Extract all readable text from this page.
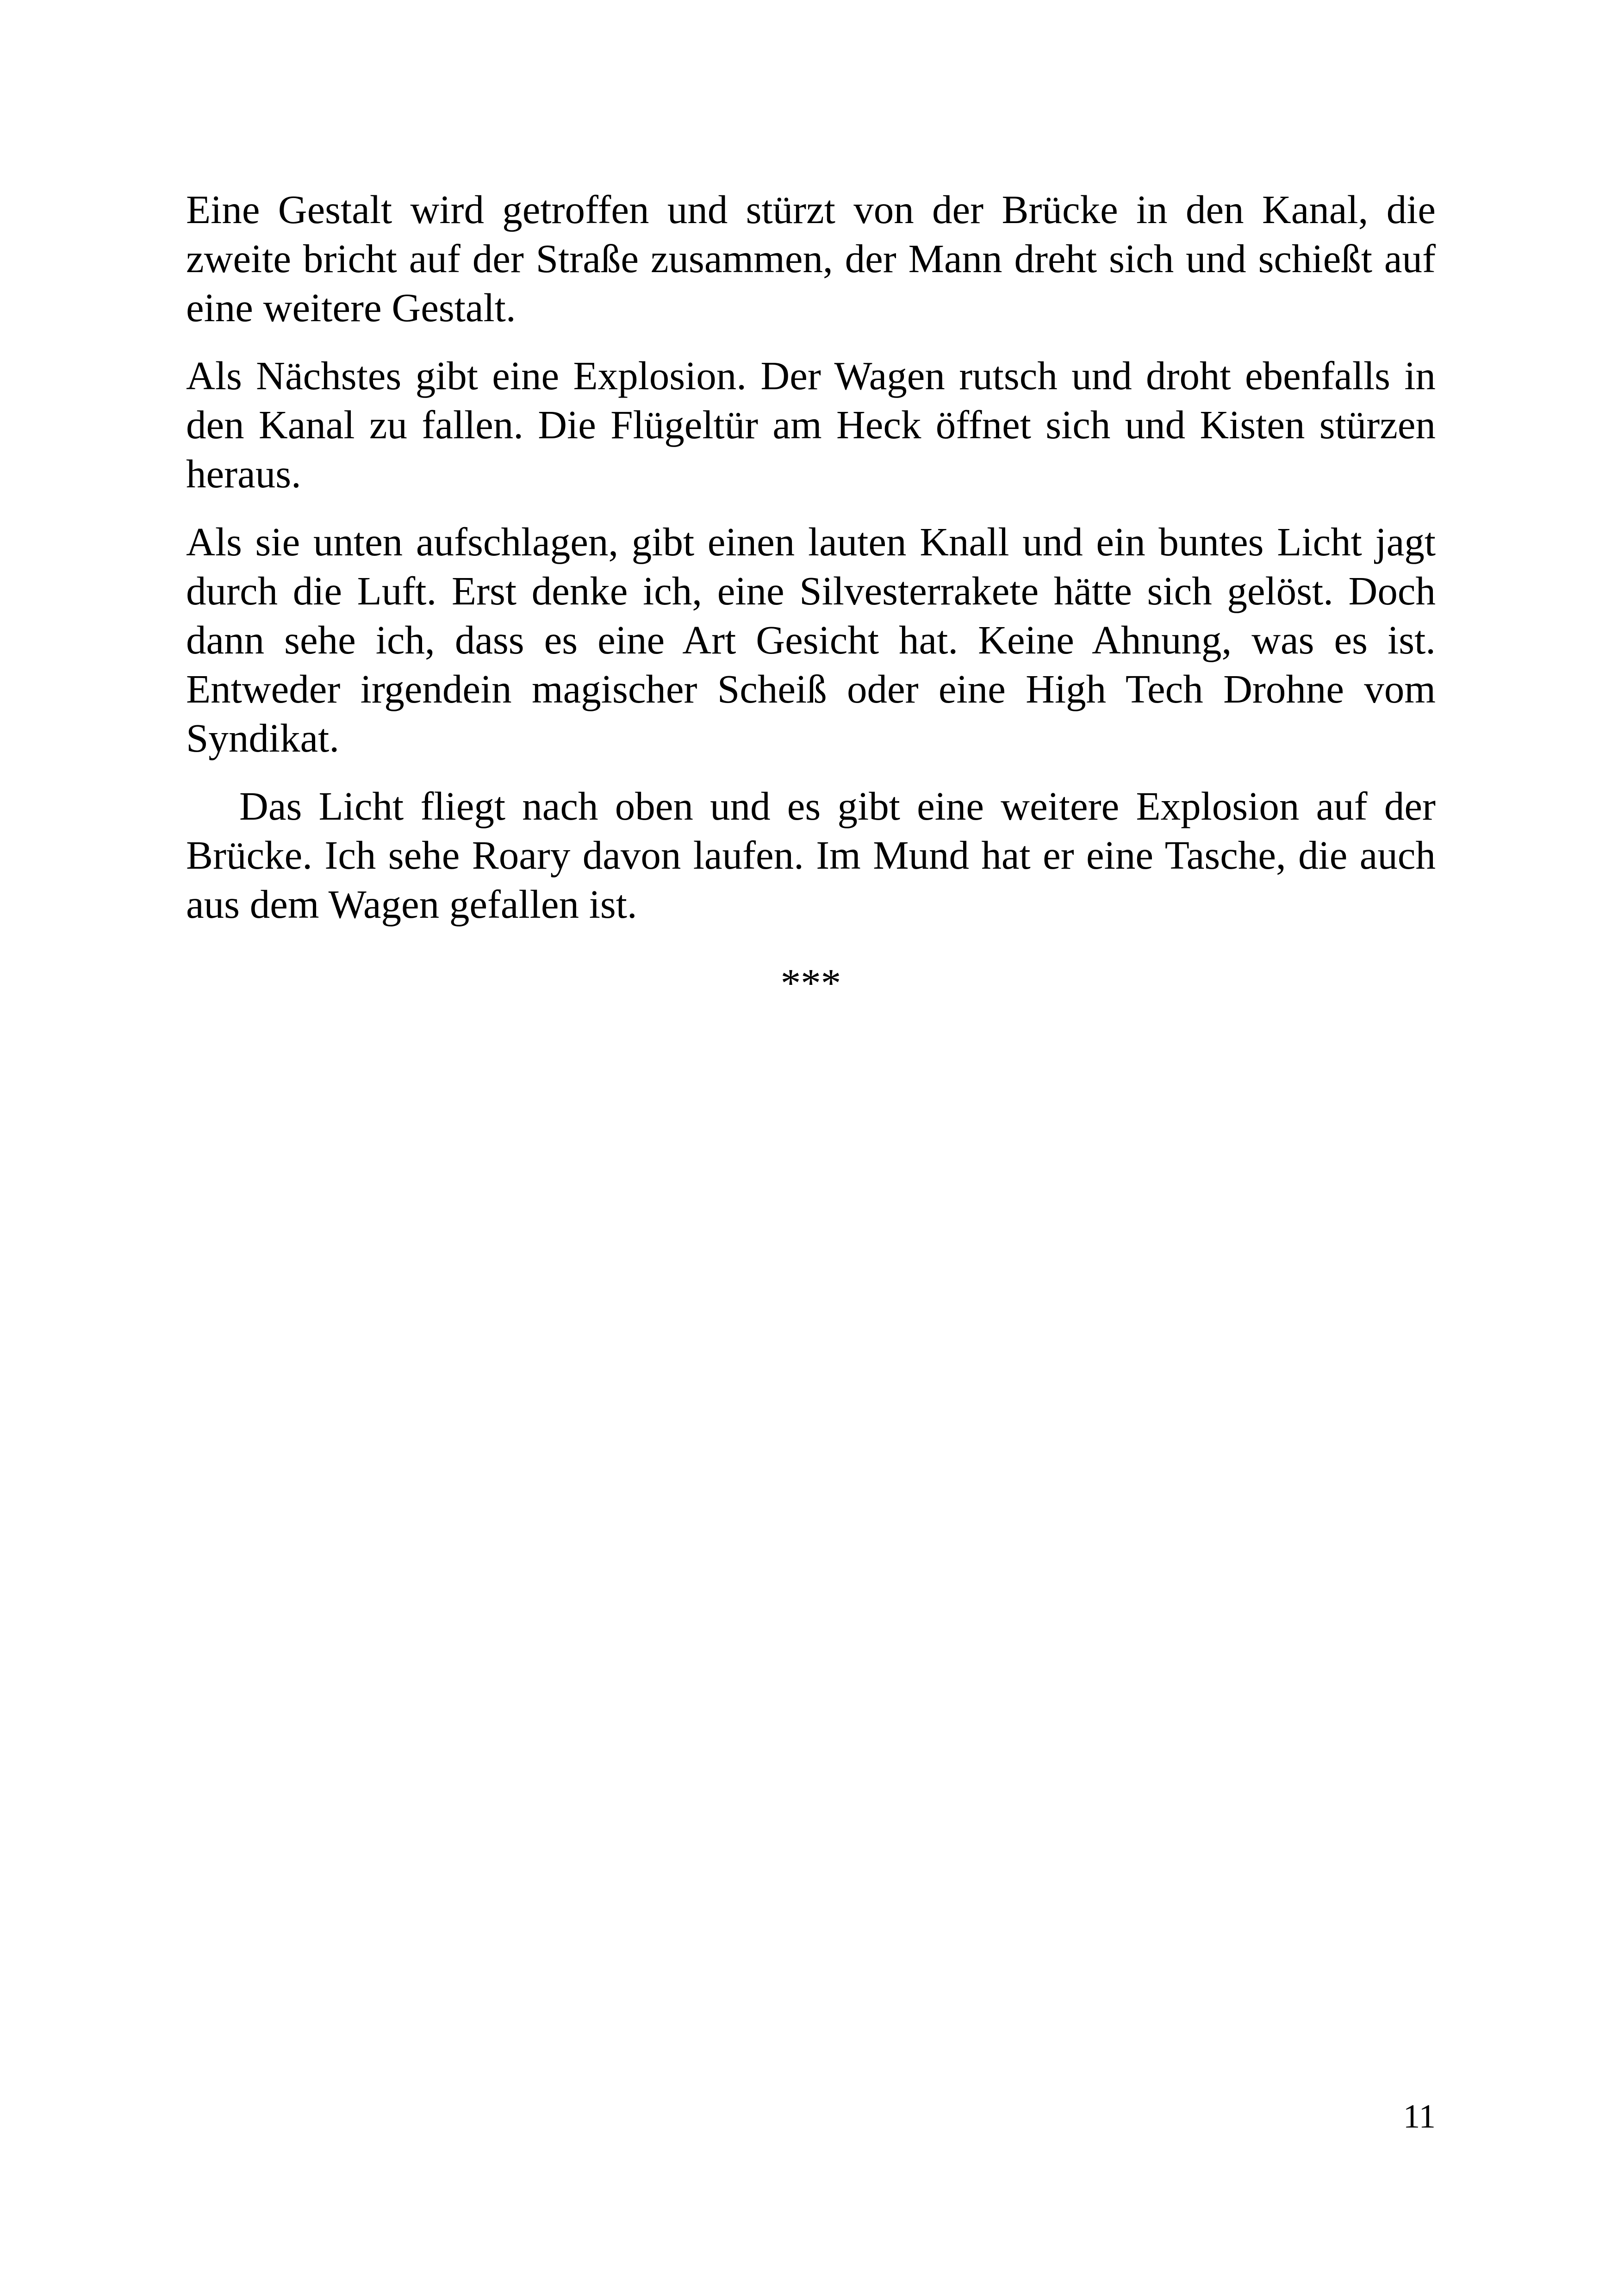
Eine Gestalt wird getroffen und stürzt von der Brücke in den Kanal, die zweite bricht auf der Straße zusammen, der Mann dreht sich und schießt auf eine weitere Gestalt.

Als Nächstes gibt eine Explosion. Der Wagen rutsch und droht ebenfalls in den Kanal zu fallen. Die Flügeltür am Heck öffnet sich und Kisten stürzen heraus.

Als sie unten aufschlagen, gibt einen lauten Knall und ein buntes Licht jagt durch die Luft. Erst denke ich, eine Silvesterrakete hätte sich gelöst. Doch dann sehe ich, dass es eine Art Gesicht hat. Keine Ahnung, was es ist. Entweder irgendein magischer Scheiß oder eine High Tech Drohne vom Syndikat.

Das Licht fliegt nach oben und es gibt eine weitere Explosion auf der Brücke. Ich sehe Roary davon laufen. Im Mund hat er eine Tasche, die auch aus dem Wagen gefallen ist.

***
11
